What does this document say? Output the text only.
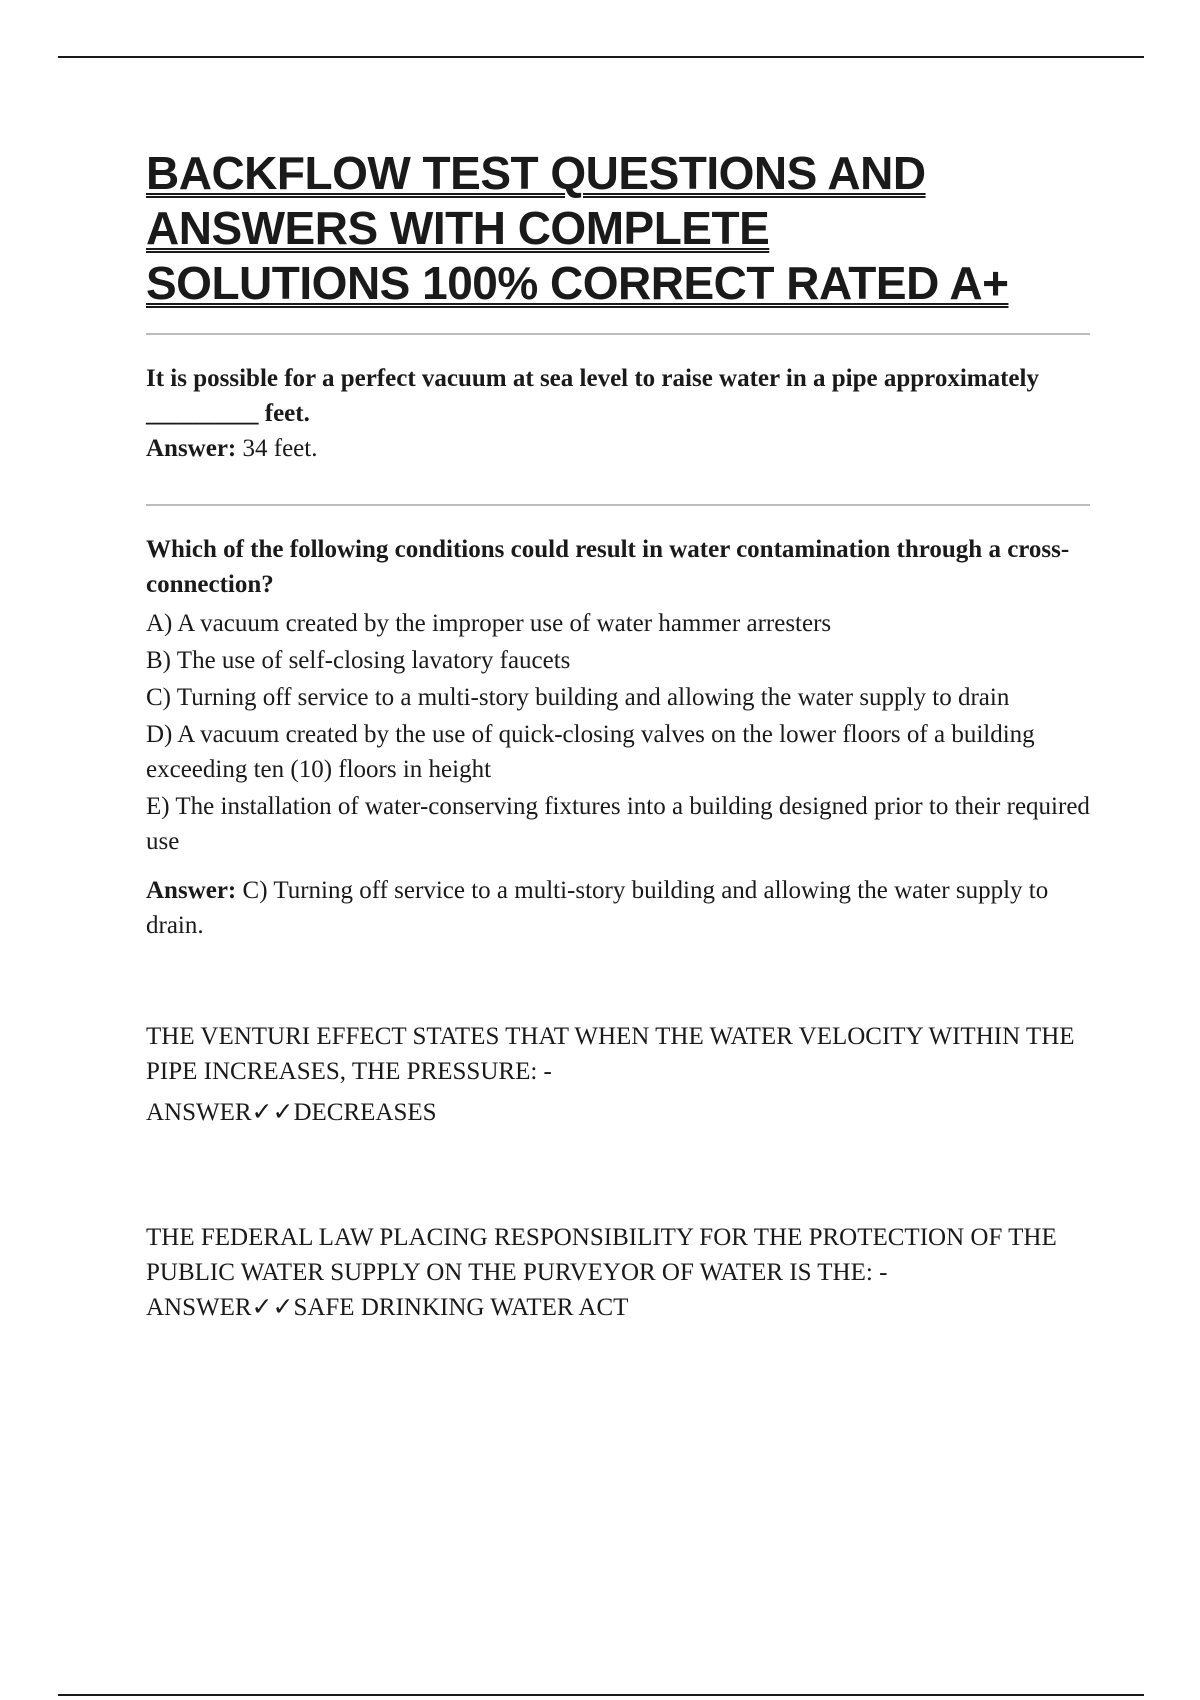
BACKFLOW TEST QUESTIONS AND
ANSWERS WITH COMPLETE
SOLUTIONS 100% CORRECT RATED A+

It is possible for a perfect vacuum at sea level to raise water in a pipe approximately _________ feet.

Answer: 34 feet.

Which of the following conditions could result in water contamination through a cross-connection?

A) A vacuum created by the improper use of water hammer arresters
B) The use of self-closing lavatory faucets
C) Turning off service to a multi-story building and allowing the water supply to drain
D) A vacuum created by the use of quick-closing valves on the lower floors of a building exceeding ten (10) floors in height
E) The installation of water-conserving fixtures into a building designed prior to their required use

Answer: C) Turning off service to a multi-story building and allowing the water supply to drain.

THE VENTURI EFFECT STATES THAT WHEN THE WATER VELOCITY WITHIN THE PIPE INCREASES, THE PRESSURE: -
ANSWER✓✓DECREASES

THE FEDERAL LAW PLACING RESPONSIBILITY FOR THE PROTECTION OF THE PUBLIC WATER SUPPLY ON THE PURVEYOR OF WATER IS THE: -ANSWER✓✓SAFE DRINKING WATER ACT
